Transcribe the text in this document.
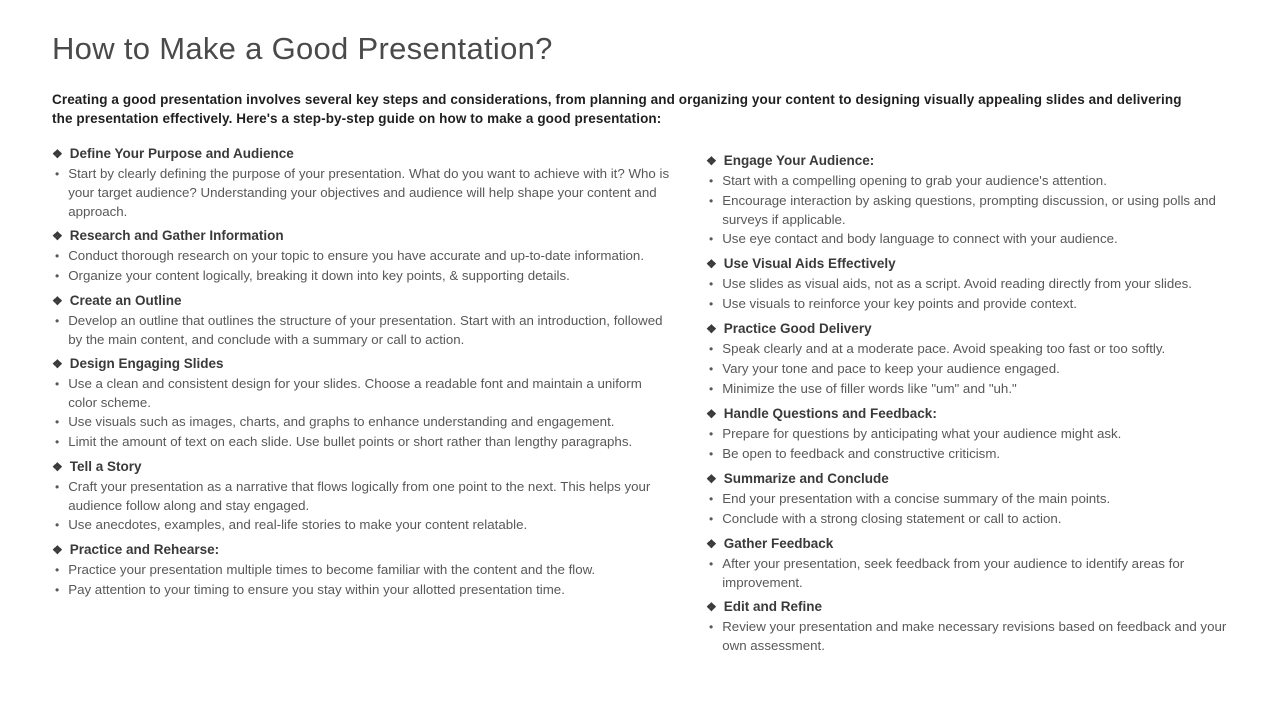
How to Make a Good Presentation?

Creating a good presentation involves several key steps and considerations, from planning and organizing your content to designing visually appealing slides and delivering the presentation effectively. Here's a step-by-step guide on how to make a good presentation:

❖ Define Your Purpose and Audience
• Start by clearly defining the purpose of your presentation. What do you want to achieve with it? Who is your target audience? Understanding your objectives and audience will help shape your content and approach.
❖ Research and Gather Information
• Conduct thorough research on your topic to ensure you have accurate and up-to-date information.
• Organize your content logically, breaking it down into key points, & supporting details.
❖ Create an Outline
• Develop an outline that outlines the structure of your presentation. Start with an introduction, followed by the main content, and conclude with a summary or call to action.
❖ Design Engaging Slides
• Use a clean and consistent design for your slides. Choose a readable font and maintain a uniform color scheme.
• Use visuals such as images, charts, and graphs to enhance understanding and engagement.
• Limit the amount of text on each slide. Use bullet points or short rather than lengthy paragraphs.
❖ Tell a Story
• Craft your presentation as a narrative that flows logically from one point to the next. This helps your audience follow along and stay engaged.
• Use anecdotes, examples, and real-life stories to make your content relatable.
❖ Practice and Rehearse:
• Practice your presentation multiple times to become familiar with the content and the flow.
• Pay attention to your timing to ensure you stay within your allotted presentation time.
❖ Engage Your Audience:
• Start with a compelling opening to grab your audience's attention.
• Encourage interaction by asking questions, prompting discussion, or using polls and surveys if applicable.
• Use eye contact and body language to connect with your audience.
❖ Use Visual Aids Effectively
• Use slides as visual aids, not as a script. Avoid reading directly from your slides.
• Use visuals to reinforce your key points and provide context.
❖ Practice Good Delivery
• Speak clearly and at a moderate pace. Avoid speaking too fast or too softly.
• Vary your tone and pace to keep your audience engaged.
• Minimize the use of filler words like "um" and "uh."
❖ Handle Questions and Feedback:
• Prepare for questions by anticipating what your audience might ask.
• Be open to feedback and constructive criticism.
❖ Summarize and Conclude
• End your presentation with a concise summary of the main points.
• Conclude with a strong closing statement or call to action.
❖ Gather Feedback
• After your presentation, seek feedback from your audience to identify areas for improvement.
❖ Edit and Refine
• Review your presentation and make necessary revisions based on feedback and your own assessment.
